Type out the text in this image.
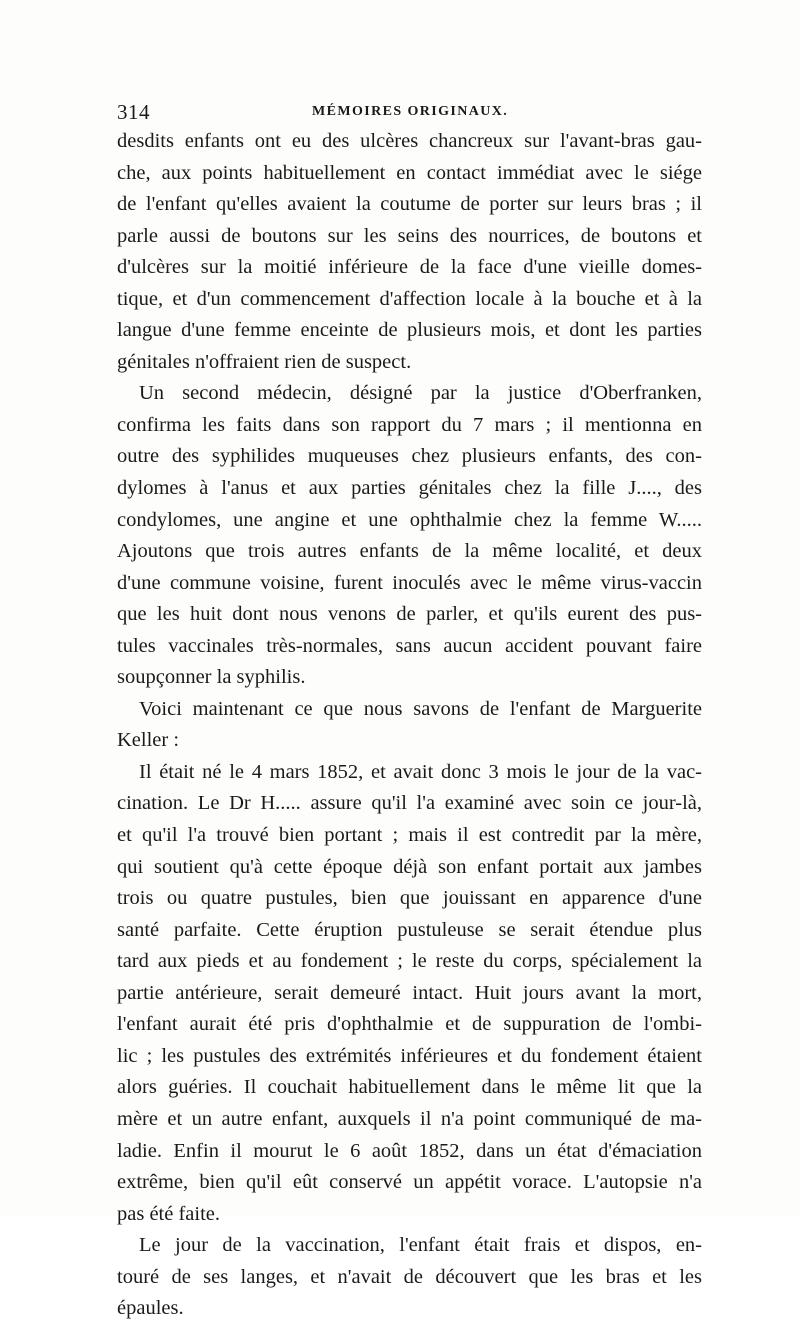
314	MÉMOIRES ORIGINAUX.
desdits enfants ont eu des ulcères chancreux sur l'avant-bras gau-
che, aux points habituellement en contact immédiat avec le siége
de l'enfant qu'elles avaient la coutume de porter sur leurs bras ; il
parle aussi de boutons sur les seins des nourrices, de boutons et
d'ulcères sur la moitié inférieure de la face d'une vieille domes-
tique, et d'un commencement d'affection locale à la bouche et à la
langue d'une femme enceinte de plusieurs mois, et dont les parties
génitales n'offraient rien de suspect.
Un second médecin, désigné par la justice d'Oberfranken,
confirma les faits dans son rapport du 7 mars ; il mentionna en
outre des syphilides muqueuses chez plusieurs enfants, des con-
dylomes à l'anus et aux parties génitales chez la fille J...., des
condylomes, une angine et une ophthalmie chez la femme W.....
Ajoutons que trois autres enfants de la même localité, et deux
d'une commune voisine, furent inoculés avec le même virus-vaccin
que les huit dont nous venons de parler, et qu'ils eurent des pus-
tules vaccinales très-normales, sans aucun accident pouvant faire
soupçonner la syphilis.
Voici maintenant ce que nous savons de l'enfant de Marguerite
Keller :
Il était né le 4 mars 1852, et avait donc 3 mois le jour de la vac-
cination. Le Dr H..... assure qu'il l'a examiné avec soin ce jour-là,
et qu'il l'a trouvé bien portant ; mais il est contredit par la mère,
qui soutient qu'à cette époque déjà son enfant portait aux jambes
trois ou quatre pustules, bien que jouissant en apparence d'une
santé parfaite. Cette éruption pustuleuse se serait étendue plus
tard aux pieds et au fondement ; le reste du corps, spécialement la
partie antérieure, serait demeuré intact. Huit jours avant la mort,
l'enfant aurait été pris d'ophthalmie et de suppuration de l'ombi-
lic ; les pustules des extrémités inférieures et du fondement étaient
alors guéries. Il couchait habituellement dans le même lit que la
mère et un autre enfant, auxquels il n'a point communiqué de ma-
ladie. Enfin il mourut le 6 août 1852, dans un état d'émaciation
extrême, bien qu'il eût conservé un appétit vorace. L'autopsie n'a
pas été faite.
Le jour de la vaccination, l'enfant était frais et dispos, en-
touré de ses langes, et n'avait de découvert que les bras et les
épaules.
